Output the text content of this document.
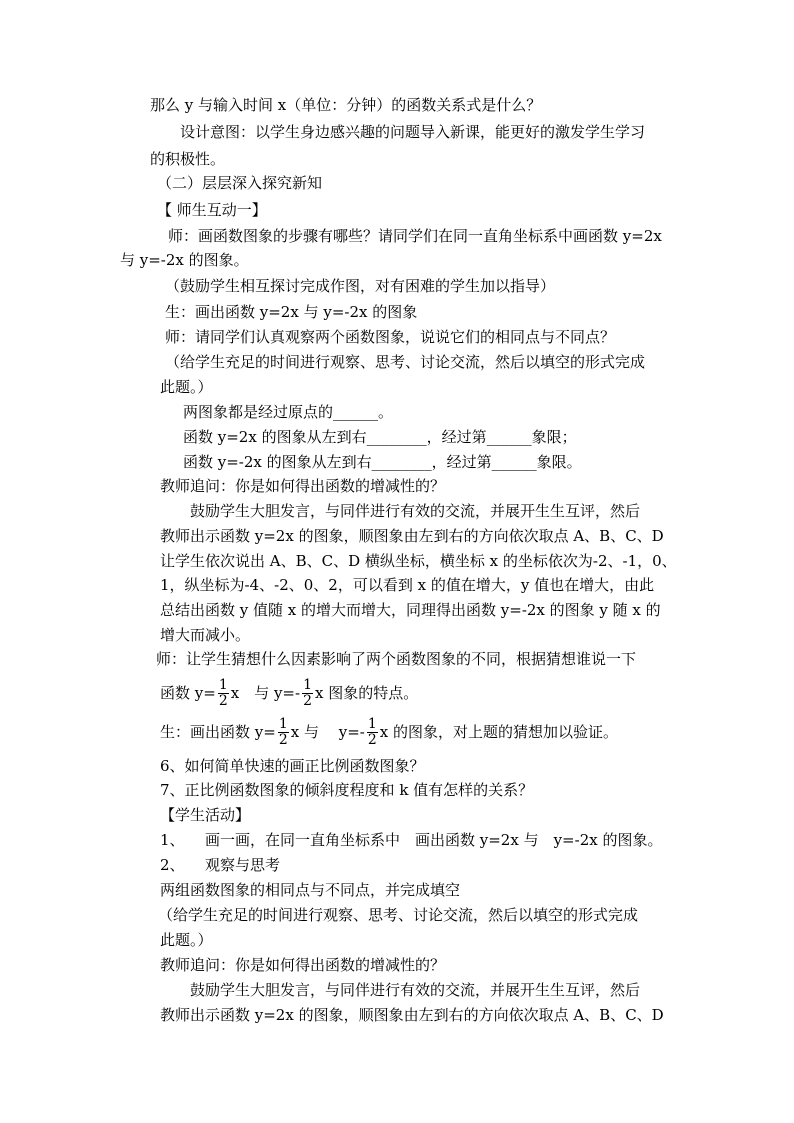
那么 y 与输入时间 x（单位：分钟）的函数关系式是什么？
设计意图：以学生身边感兴趣的问题导入新课，能更好的激发学生学习
的积极性。
（二）层层深入探究新知
【 师生互动一】
师：画函数图象的步骤有哪些？请同学们在同一直角坐标系中画函数 y=2x
与 y=-2x 的图象。
（鼓励学生相互探讨完成作图，对有困难的学生加以指导）
生：画出函数 y=2x 与 y=-2x 的图象
师：请同学们认真观察两个函数图象，说说它们的相同点与不同点？
（给学生充足的时间进行观察、思考、讨论交流，然后以填空的形式完成
此题。）
两图象都是经过原点的______。
函数 y=2x 的图象从左到右________，经过第______象限；
函数 y=-2x 的图象从左到右________，经过第______象限。
教师追问：你是如何得出函数的增减性的？
鼓励学生大胆发言，与同伴进行有效的交流，并展开生生互评，然后
教师出示函数 y=2x 的图象，顺图象由左到右的方向依次取点 A、B、C、D
让学生依次说出 A、B、C、D 横纵坐标，横坐标 x 的坐标依次为-2、-1，0、
1，纵坐标为-4、-2、0、2，可以看到 x 的值在增大，y 值也在增大，由此
总结出函数 y 值随 x 的增大而增大，同理得出函数 y=-2x 的图象 y 随 x 的
增大而减小。
师：让学生猜想什么因素影响了两个函数图象的不同，根据猜想谁说一下
函数 $y= \frac{1}{2}$ x　与 $y=- \frac{1}{2}$ x 图象的特点。
生：画出函数 $y= \frac{1}{2}$ x 与　 $y=- \frac{1}{2}$ x 的图象，对上题的猜想加以验证。
6、如何简单快速的画正比例函数图象？
7、正比例函数图象的倾斜度程度和 k 值有怎样的关系？
【学生活动】
1、 画一画，在同一直角坐标系中　画出函数 y=2x 与　y=-2x 的图象。
2、 观察与思考
两组函数图象的相同点与不同点，并完成填空
（给学生充足的时间进行观察、思考、讨论交流，然后以填空的形式完成
此题。）
教师追问：你是如何得出函数的增减性的？
鼓励学生大胆发言，与同伴进行有效的交流，并展开生生互评，然后
教师出示函数 y=2x 的图象，顺图象由左到右的方向依次取点 A、B、C、D
